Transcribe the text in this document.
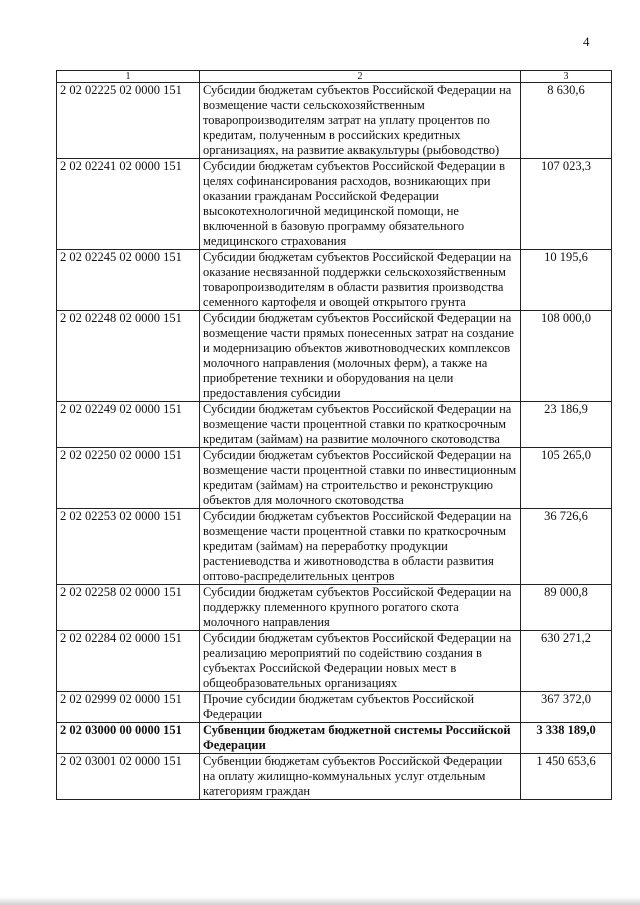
4
1	2	3
2 02 02225 02 0000 151	Субсидии бюджетам субъектов Российской Федерации на возмещение части сельскохозяйственным товаропроизводителям затрат на уплату процентов по кредитам, полученным в российских кредитных организациях, на развитие аквакультуры (рыбоводство)	8 630,6
2 02 02241 02 0000 151	Субсидии бюджетам субъектов Российской Федерации в целях софинансирования расходов, возникающих при оказании гражданам Российской Федерации высокотехнологичной медицинской помощи, не включенной в базовую программу обязательного медицинского страхования	107 023,3
2 02 02245 02 0000 151	Субсидии бюджетам субъектов Российской Федерации на оказание несвязанной поддержки сельскохозяйственным товаропроизводителям в области развития производства семенного картофеля и овощей открытого грунта	10 195,6
2 02 02248 02 0000 151	Субсидии бюджетам субъектов Российской Федерации на возмещение части прямых понесенных затрат на создание и модернизацию объектов животноводческих комплексов молочного направления (молочных ферм), а также на приобретение техники и оборудования на цели предоставления субсидии	108 000,0
2 02 02249 02 0000 151	Субсидии бюджетам субъектов Российской Федерации на возмещение части процентной ставки по краткосрочным кредитам (займам) на развитие молочного скотоводства	23 186,9
2 02 02250 02 0000 151	Субсидии бюджетам субъектов Российской Федерации на возмещение части процентной ставки по инвестиционным кредитам (займам) на строительство и реконструкцию объектов для молочного скотоводства	105 265,0
2 02 02253 02 0000 151	Субсидии бюджетам субъектов Российской Федерации на возмещение части процентной ставки по краткосрочным кредитам (займам) на переработку продукции растениеводства и животноводства в области развития оптово-распределительных центров	36 726,6
2 02 02258 02 0000 151	Субсидии бюджетам субъектов Российской Федерации на поддержку племенного крупного рогатого скота молочного направления	89 000,8
2 02 02284 02 0000 151	Субсидии бюджетам субъектов Российской Федерации на реализацию мероприятий по содействию создания в субъектах Российской Федерации новых мест в общеобразовательных организациях	630 271,2
2 02 02999 02 0000 151	Прочие субсидии бюджетам субъектов Российской Федерации	367 372,0
2 02 03000 00 0000 151	Субвенции бюджетам бюджетной системы Российской Федерации	3 338 189,0
2 02 03001 02 0000 151	Субвенции бюджетам субъектов Российской Федерации на оплату жилищно-коммунальных услуг отдельным категориям граждан	1 450 653,6
